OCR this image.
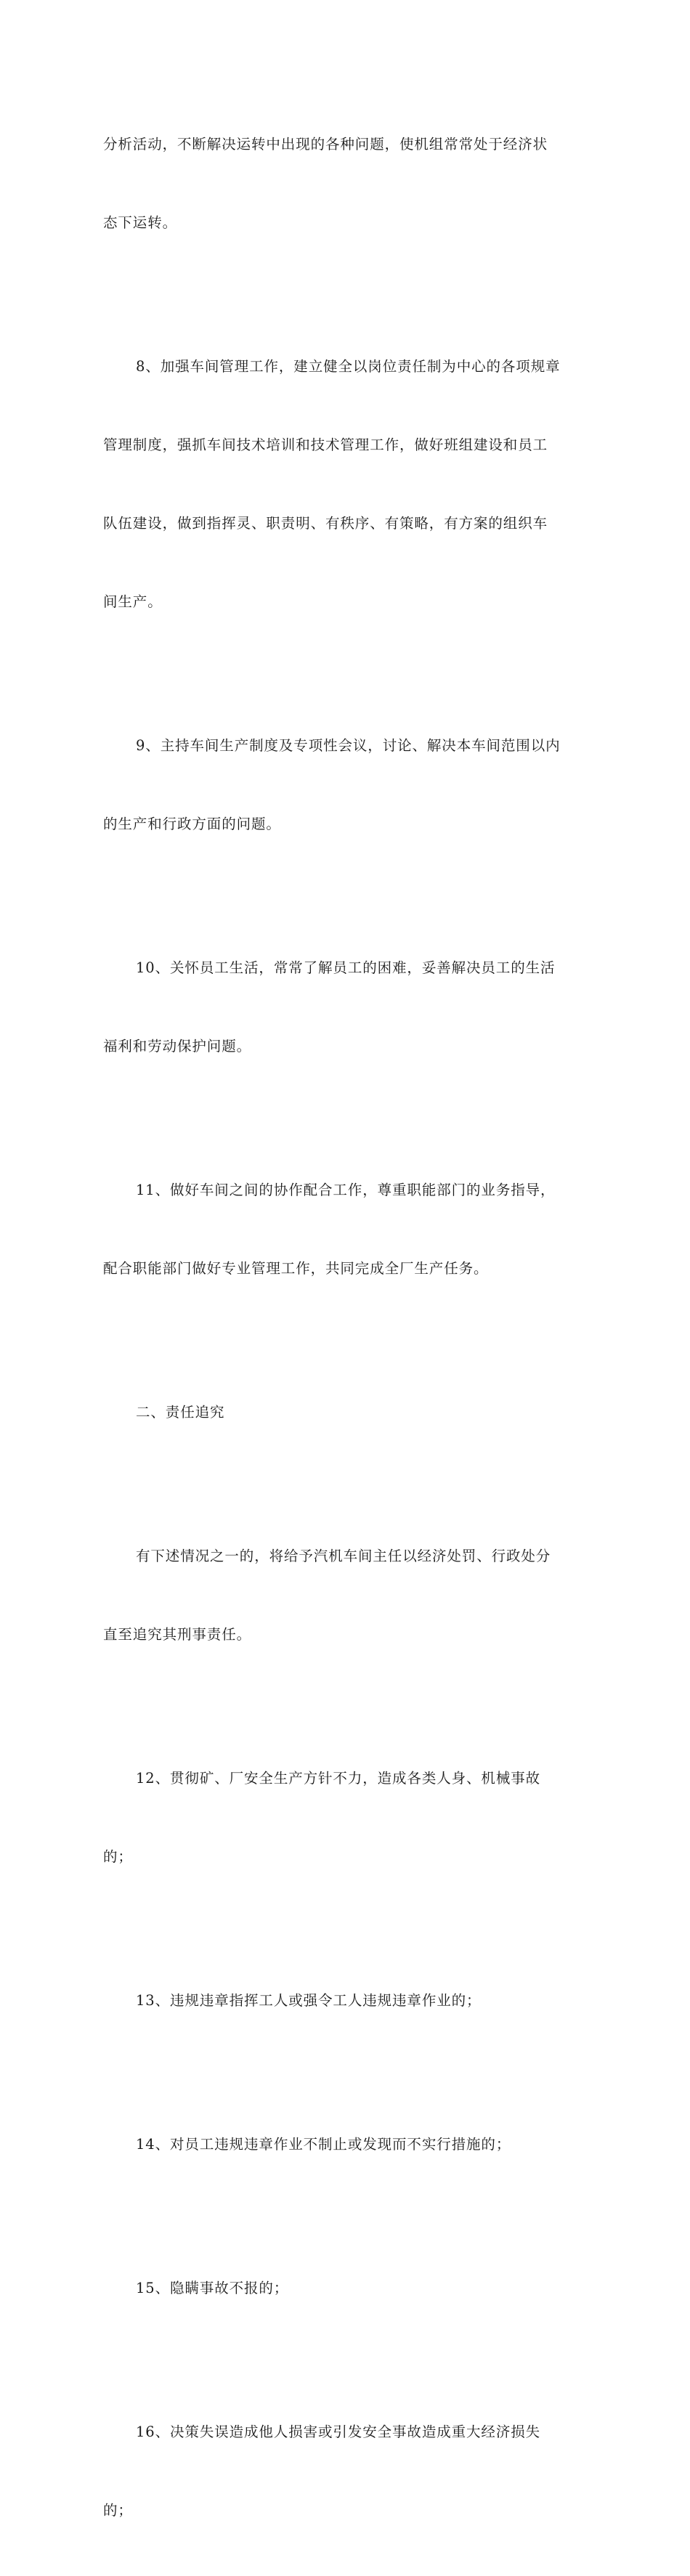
分析活动，不断解决运转中出现的各种问题，使机组常常处于经济状

态下运转。

8、加强车间管理工作，建立健全以岗位责任制为中心的各项规章

管理制度，强抓车间技术培训和技术管理工作，做好班组建设和员工

队伍建设，做到指挥灵、职责明、有秩序、有策略，有方案的组织车

间生产。

9、主持车间生产制度及专项性会议，讨论、解决本车间范围以内

的生产和行政方面的问题。

10、关怀员工生活，常常了解员工的困难，妥善解决员工的生活

福利和劳动保护问题。

11、做好车间之间的协作配合工作，尊重职能部门的业务指导，

配合职能部门做好专业管理工作，共同完成全厂生产任务。

二、责任追究

有下述情况之一的，将给予汽机车间主任以经济处罚、行政处分

直至追究其刑事责任。

12、贯彻矿、厂安全生产方针不力，造成各类人身、机械事故

的；

13、违规违章指挥工人或强令工人违规违章作业的；

14、对员工违规违章作业不制止或发现而不实行措施的；

15、隐瞒事故不报的；

16、决策失误造成他人损害或引发安全事故造成重大经济损失

的；
